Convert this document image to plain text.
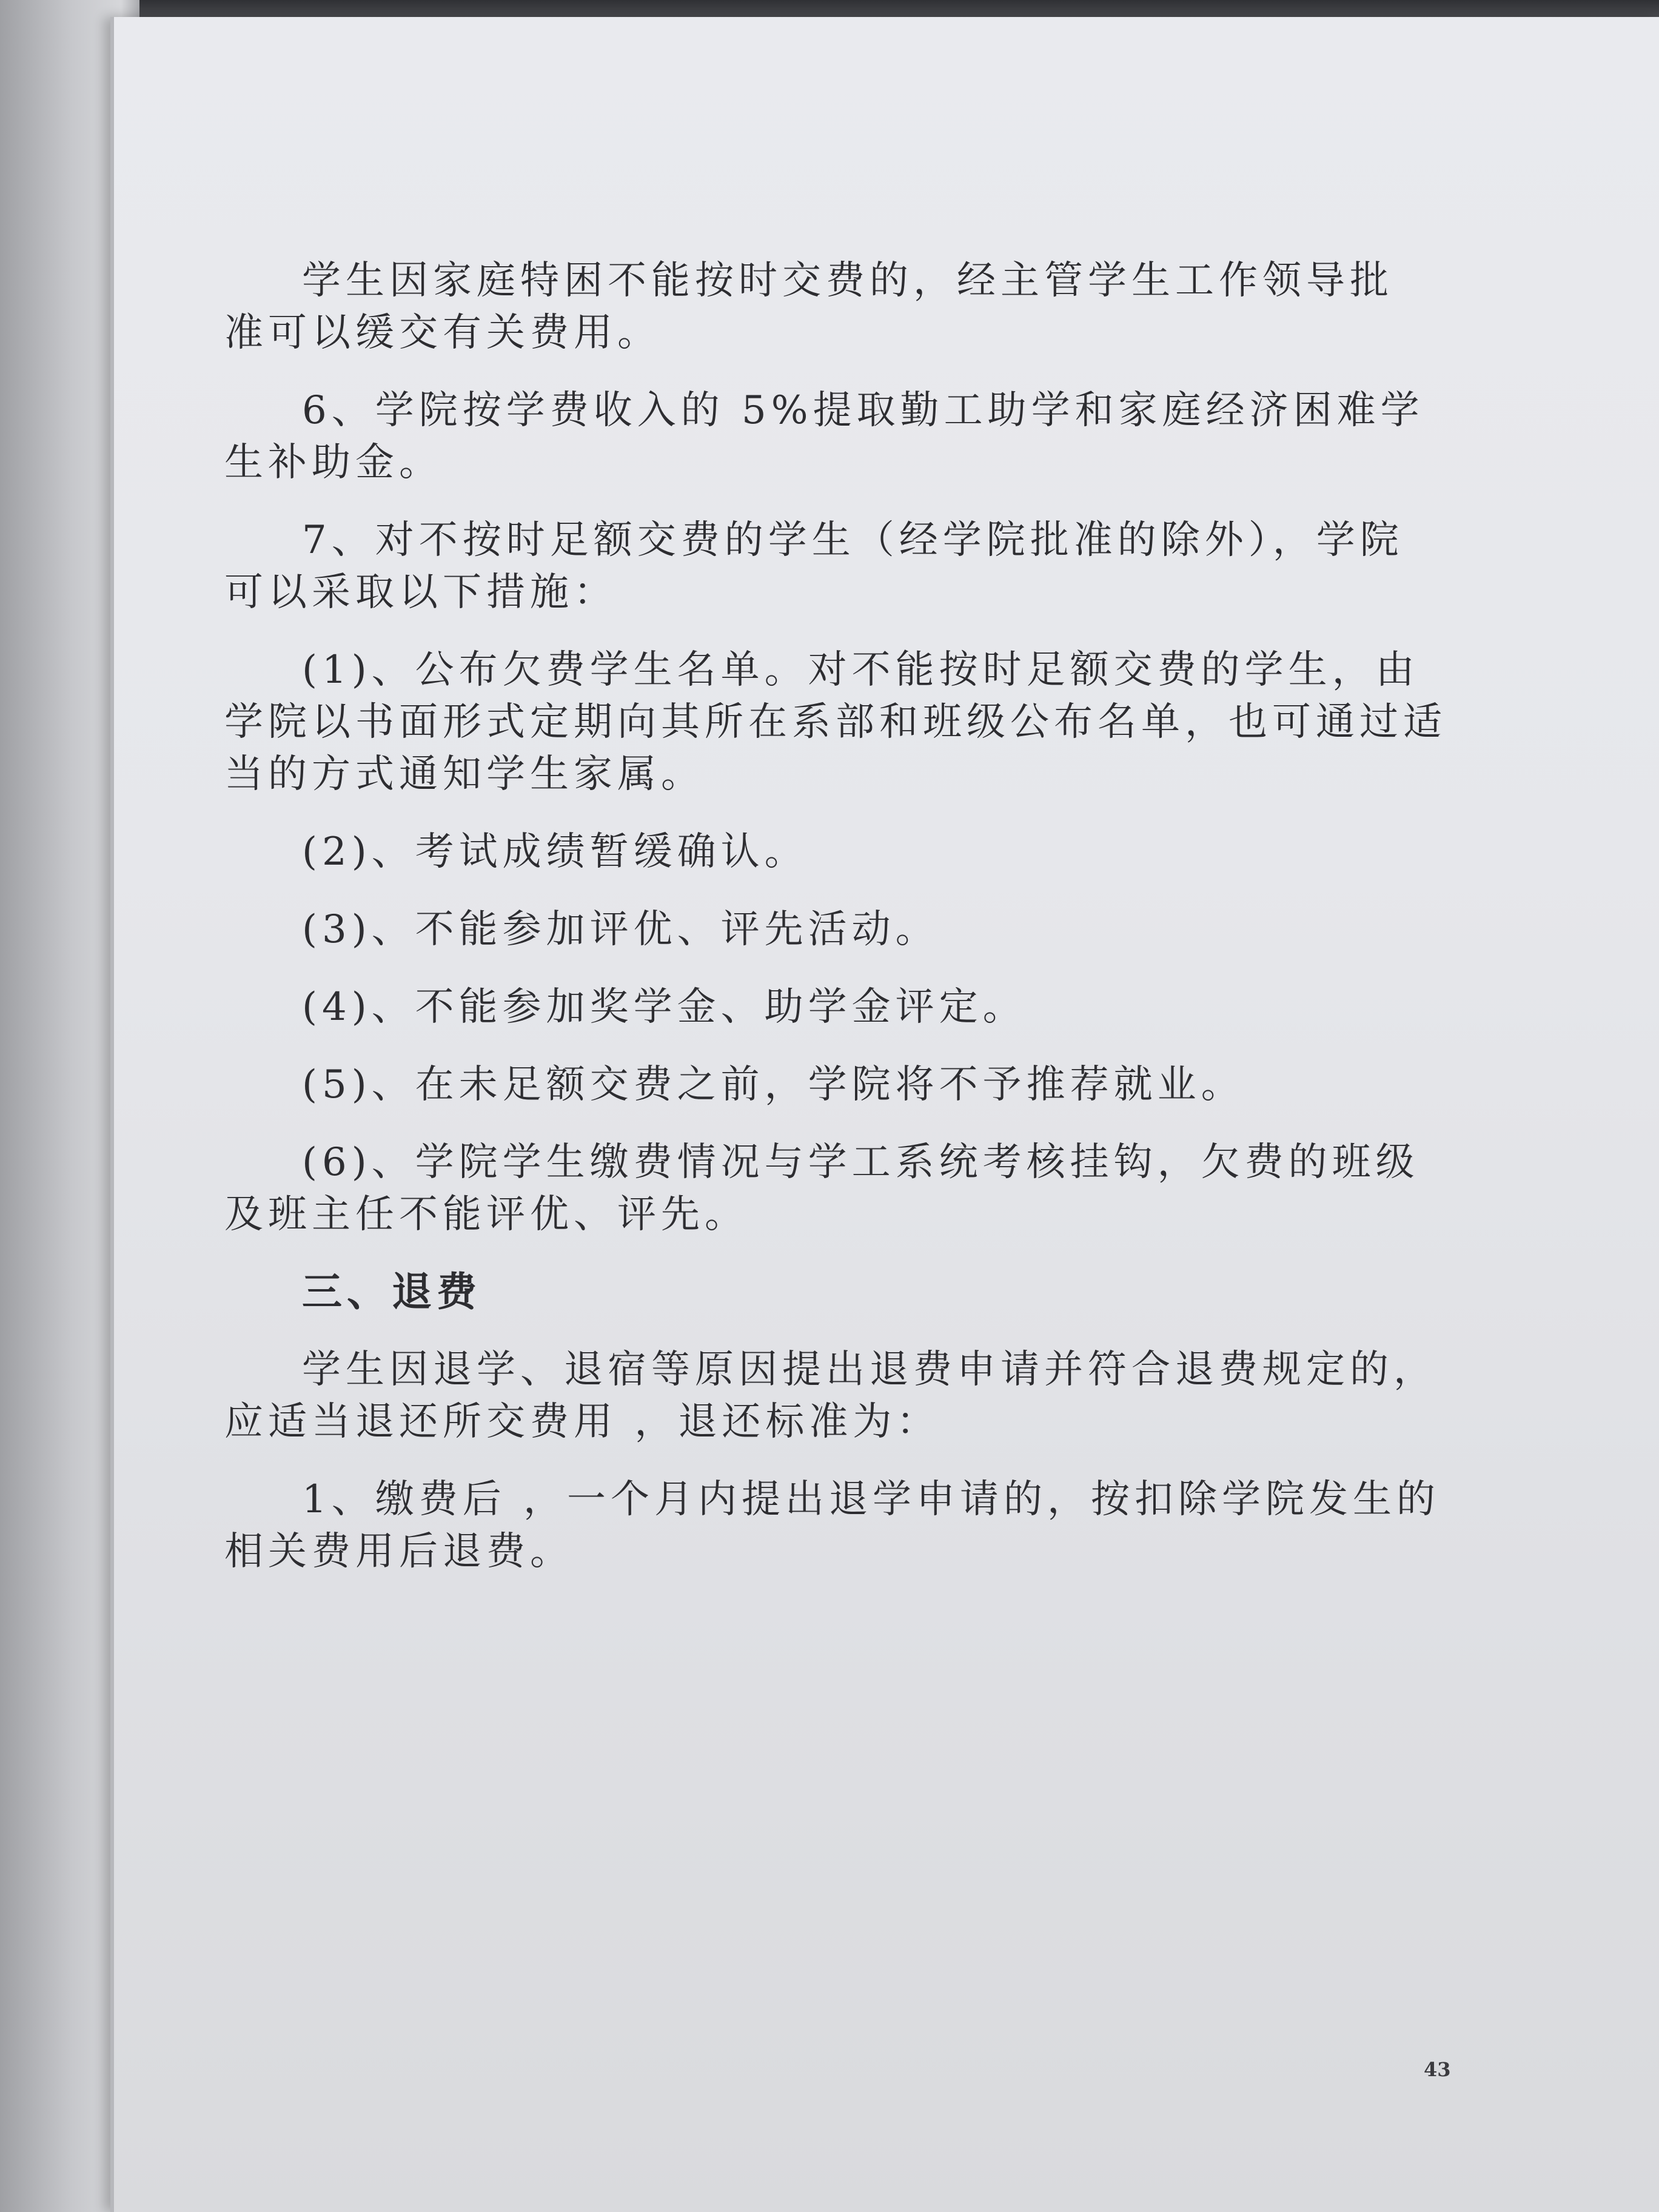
学生因家庭特困不能按时交费的，经主管学生工作领导批
准可以缓交有关费用。
6、学院按学费收入的 5%提取勤工助学和家庭经济困难学
生补助金。
7、对不按时足额交费的学生（经学院批准的除外），学院
可以采取以下措施：
(1)、公布欠费学生名单。对不能按时足额交费的学生，由
学院以书面形式定期向其所在系部和班级公布名单，也可通过适
当的方式通知学生家属。
(2)、考试成绩暂缓确认。
(3)、不能参加评优、评先活动。
(4)、不能参加奖学金、助学金评定。
(5)、在未足额交费之前，学院将不予推荐就业。
(6)、学院学生缴费情况与学工系统考核挂钩，欠费的班级
及班主任不能评优、评先。
三、退费
学生因退学、退宿等原因提出退费申请并符合退费规定的，
应适当退还所交费用 ，退还标准为：
1、缴费后 ，一个月内提出退学申请的，按扣除学院发生的
相关费用后退费。
43
